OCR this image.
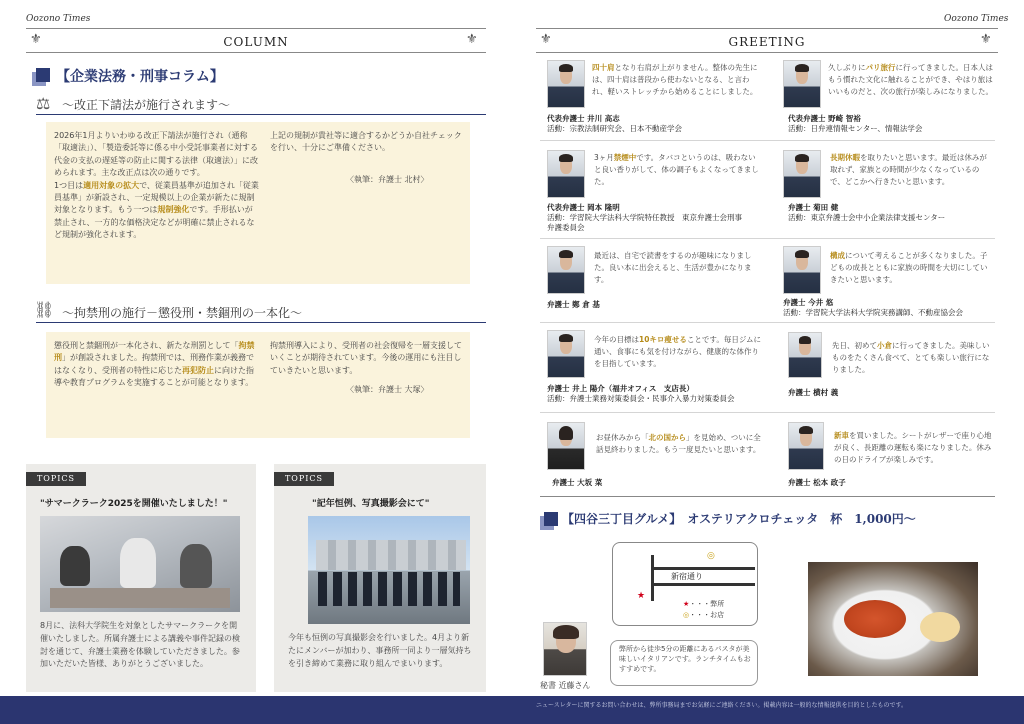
Oozono Times
⚜	COLUMN	⚜
【企業法務・刑事コラム】
⚖ ～改正下請法が施行されます～
2026年1月よりいわゆる改正下請法が施行され（通称「取適法」）、「製造委託等に係る中小受託事業者に対する代金の支払の遅延等の防止に関する法律（取適法）」に改められます。主な改正点は次の通りです。
1つ目は適用対象の拡大で、従業員基準が追加され「従業員基準」が新設され、一定規模以上の企業が新たに規制対象となります。もう一つは規制強化です。手形払いが禁止され、一方的な価格決定などが明確に禁止されるなど規制が強化されます。
上記の規制が貴社等に適合するかどうか自社チェックを行い、十分にご準備ください。
〈執筆：弁護士 北村〉
⛓ ～拘禁刑の施行－懲役刑・禁錮刑の一本化～
懲役刑と禁錮刑が一本化され、新たな刑罰として「拘禁刑」が創設されました。拘禁刑では、刑務作業が義務ではなくなり、受刑者の特性に応じた再犯防止に向けた指導や教育プログラムを実施することが可能となります。
拘禁刑導入により、受刑者の社会復帰を一層支援していくことが期待されています。今後の運用にも注目していきたいと思います。
〈執筆：弁護士 大塚〉
TOPICS
"サマークラーク2025を開催いたしました！"
8月に、法科大学院生を対象としたサマークラークを開催いたしました。所属弁護士による講義や事件記録の検討を通じて、弁護士業務を体験していただきました。参加いただいた皆様、ありがとうございました。
TOPICS
"記年恒例、写真撮影会にて"
今年も恒例の写真撮影会を行いました。4月より新たにメンバーが加わり、事務所一同より一層気持ちを引き締めて業務に取り組んでまいります。
Oozono Times
⚜	GREETING	⚜
四十肩となり右肩が上がりません。整体の先生には、四十肩は普段から使わないとなる、と言われ、軽いストレッチから始めることにしました。
代表弁護士 井川 高志
活動：宗教法制研究会、日本不動産学会
久しぶりにパリ旅行に行ってきました。日本人はもう慣れた文化に触れることができ、やはり旅はいいものだと、次の旅行が楽しみになりました。
代表弁護士 野崎 智裕
活動：日弁連情報センター、情報法学会
3ヶ月禁煙中です。タバコというのは、吸わないと良い香りがして、体の調子もよくなってきました。
代表弁護士 岡本 隆明
活動：学習院大学法科大学院特任教授　東京弁護士会刑事弁護委員会
長期休暇を取りたいと思います。最近は休みが取れず、家族との時間が少なくなっているので、どこかへ行きたいと思います。
弁護士 菊田 健
活動：東京弁護士会中小企業法律支援センター
最近は、自宅で読書をするのが趣味になりました。良い本に出会えると、生活が豊かになります。
弁護士 鄭 倉 基
構成について考えることが多くなりました。子どもの成長とともに家族の時間を大切にしていきたいと思います。
弁護士 今井 悠
活動：学習院大学法科大学院実務講師、不動産協会会
今年の目標は10キロ痩せることです。毎日ジムに通い、食事にも気を付けながら、健康的な体作りを目指しています。
弁護士 井上 陽介（福井オフィス　支店長）
活動：弁護士業務対策委員会・民事介入暴力対策委員会
先日、初めて小倉に行ってきました。美味しいものをたくさん食べて、とても楽しい旅行になりました。
弁護士 横村 義
お昼休みから「北の国から」を見始め、ついに全話見終わりました。もう一度見たいと思います。
弁護士 大坂 菜
新車を買いました。シートがレザーで座り心地が良く、長距離の運転も楽になりました。休みの日のドライブが楽しみです。
弁護士 松本 政子
【四谷三丁目グルメ】　オステリアクロチェッタ　杯　1,000円～
新宿通り
◎
★
★・・・弊所
◎・・・お店
秘書 近藤さん
弊所から徒歩5分の距離にあるパスタが美味しいイタリアンです。ランチタイムもおすすめです。
ニュースレターに関するお問い合わせは、弊所事務局までお気軽にご連絡ください。掲載内容は一般的な情報提供を目的としたものです。
